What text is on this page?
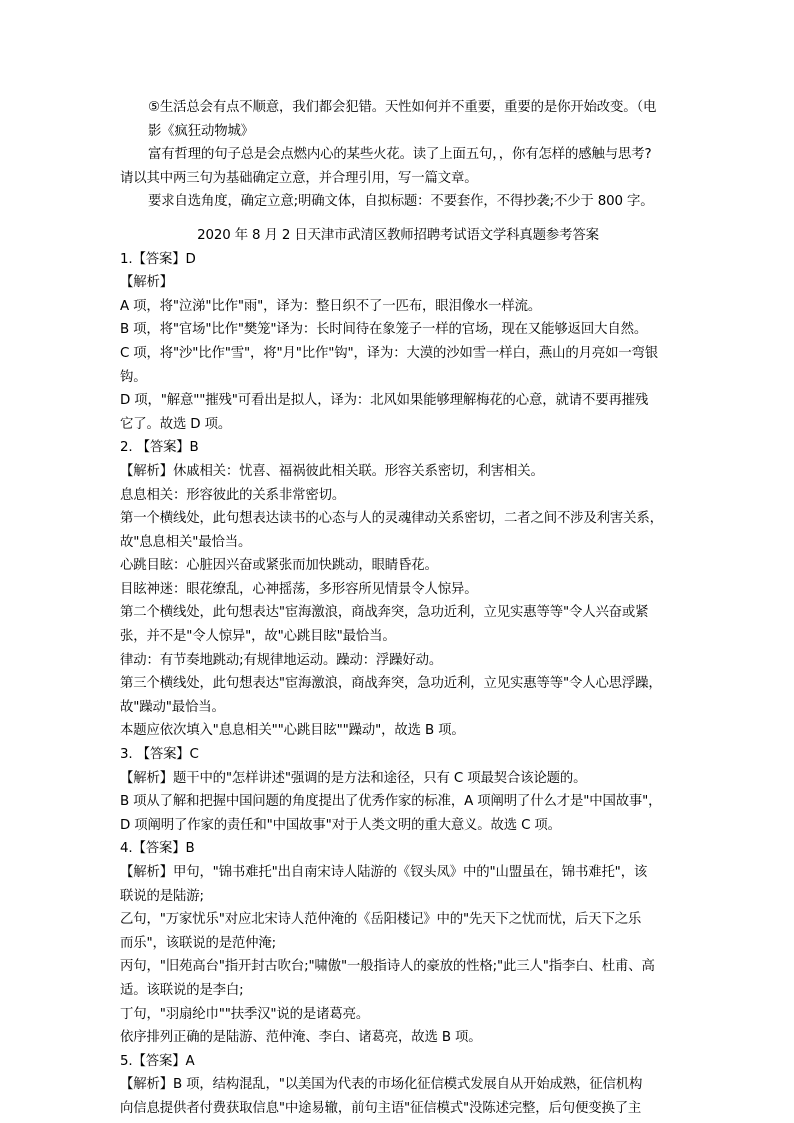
⑤生活总会有点不顺意，我们都会犯错。天性如何并不重要，重要的是你开始改变。（电
影《疯狂动物城》
富有哲理的句子总是会点燃内心的某些火花。读了上面五句，，你有怎样的感触与思考?
请以其中两三句为基础确定立意，并合理引用，写一篇文章。
要求自选角度，确定立意;明确文体，自拟标题：不要套作，不得抄袭;不少于 800 字。
2020 年 8 月 2 日天津市武清区教师招聘考试语文学科真题参考答案
1.【答案】D
【解析】
A 项，将"泣涕"比作"雨"，译为：整日织不了一匹布，眼泪像水一样流。
B 项，将"官场"比作"樊笼"译为：长时间待在象笼子一样的官场，现在又能够返回大自然。
C 项，将"沙"比作"雪"，将"月"比作"钩"，译为：大漠的沙如雪一样白，燕山的月亮如一弯银
钩。
D 项，"解意""摧残"可看出是拟人，译为：北风如果能够理解梅花的心意，就请不要再摧残
它了。故选 D 项。
2. 【答案】B
【解析】休戚相关：忧喜、福祸彼此相关联。形容关系密切，利害相关。
息息相关：形容彼此的关系非常密切。
第一个横线处，此句想表达读书的心态与人的灵魂律动关系密切，二者之间不涉及利害关系，
故"息息相关"最恰当。
心跳目眩：心脏因兴奋或紧张而加快跳动，眼睛昏花。
目眩神迷：眼花缭乱，心神摇荡，多形容所见情景令人惊异。
第二个横线处，此句想表达"宦海激浪，商战奔突，急功近利，立见实惠等等"令人兴奋或紧
张，并不是"令人惊异"，故"心跳目眩"最恰当。
律动：有节奏地跳动;有规律地运动。躁动：浮躁好动。
第三个横线处，此句想表达"宦海激浪，商战奔突，急功近利，立见实惠等等"令人心思浮躁，
故"躁动"最恰当。
本题应依次填入"息息相关""心跳目眩""躁动"，故选 B 项。
3. 【答案】C
【解析】题干中的"怎样讲述"强调的是方法和途径，只有 C 项最契合该论题的。
B 项从了解和把握中国问题的角度提出了优秀作家的标准，A 项阐明了什么才是"中国故事"，
D 项阐明了作家的责任和"中国故事"对于人类文明的重大意义。故选 C 项。
4.【答案】B
【解析】甲句，"锦书难托"出自南宋诗人陆游的《钗头凤》中的"山盟虽在，锦书难托"，该
联说的是陆游;
乙句，"万家忧乐"对应北宋诗人范仲淹的《岳阳楼记》中的"先天下之忧而忧，后天下之乐
而乐"，该联说的是范仲淹;
丙句，"旧苑高台"指开封古吹台;"啸傲"一般指诗人的豪放的性格;"此三人"指李白、杜甫、高
适。该联说的是李白;
丁句，"羽扇纶巾""扶季汉"说的是诸葛亮。
依序排列正确的是陆游、范仲淹、李白、诸葛亮，故选 B 项。
5.【答案】A
【解析】B 项，结构混乱，"以美国为代表的市场化征信模式发展自从开始成熟，征信机构
向信息提供者付费获取信息"中途易辙，前句主语"征信模式"没陈述完整，后句便变换了主
